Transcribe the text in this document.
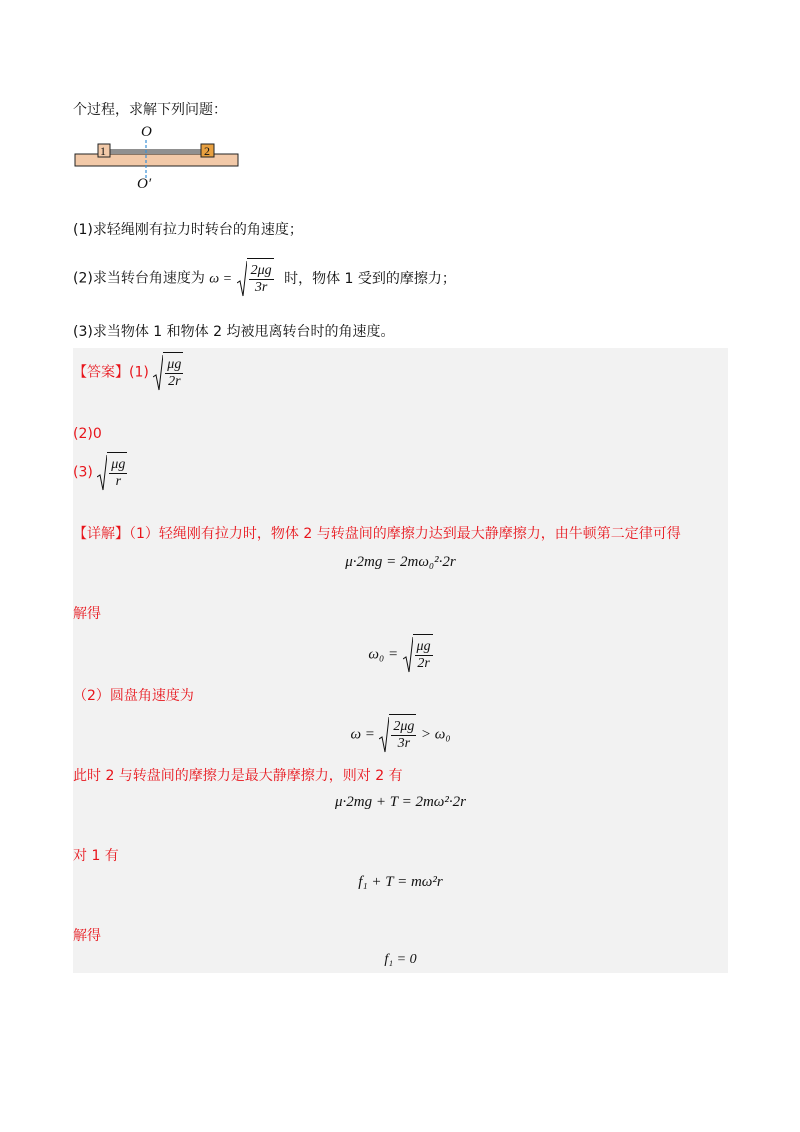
个过程，求解下列问题：
O
O′
1	2
(1)求轻绳刚有拉力时转台的角速度；
(2)求当转台角速度为 $\omega = \frac{2\mu g}{3r}$ 时，物体 1 受到的摩擦力；
(3)求当物体 1 和物体 2 均被甩离转台时的角速度。
【答案】$(1) \frac{\mu g}{2r}$
(2)0
$(3) \frac{\mu g}{r}$
【详解】（1）轻绳刚有拉力时，物体 2 与转盘间的摩擦力达到最大静摩擦力，由牛顿第二定律可得
μ·2mg = 2mω₀²·2r
解得
$\omega_0 = \frac{\mu g}{2r}$
（2）圆盘角速度为
$\omega = \frac{2\mu g}{3r} > \omega_0$
此时 2 与转盘间的摩擦力是最大静摩擦力，则对 2 有
μ·2mg + T = 2mω²·2r
对 1 有
f₁ + T = mω²r
解得
f₁ = 0
